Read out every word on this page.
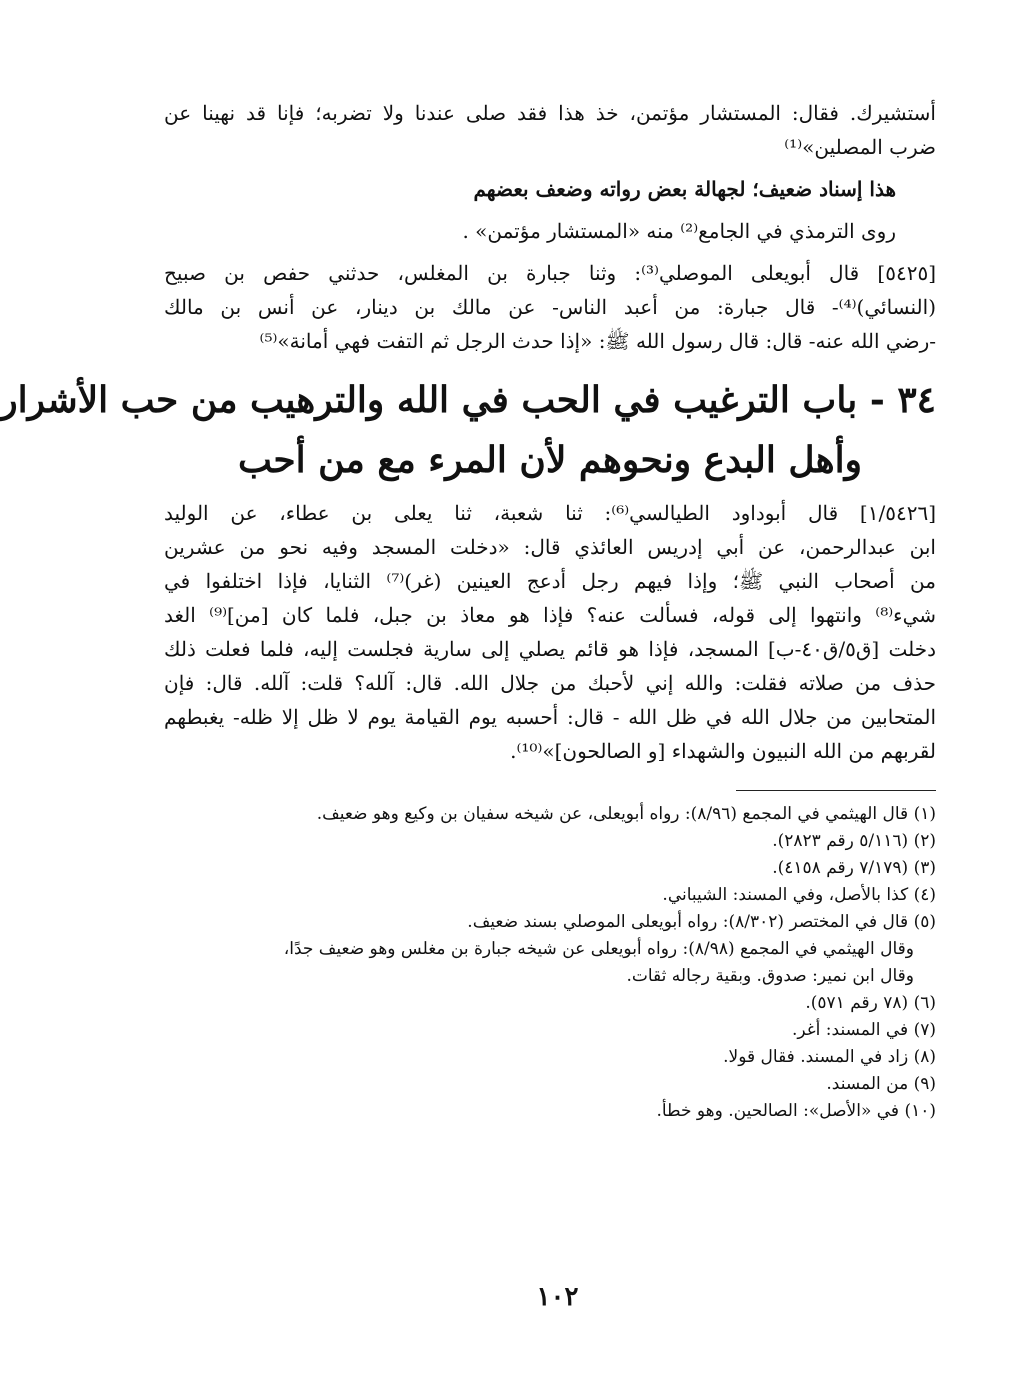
أستشيرك. فقال: المستشار مؤتمن، خذ هذا فقد صلى عندنا ولا تضربه؛ فإنا قد نهينا عن

ضرب المصلين»⁽¹⁾

هذا إسناد ضعيف؛ لجهالة بعض رواته وضعف بعضهم

روى الترمذي في الجامع⁽²⁾ منه «المستشار مؤتمن» .

[٥٤٢٥] قال أبويعلى الموصلي⁽³⁾: وثنا جبارة بن المغلس، حدثني حفص بن صبيح

(النسائي)⁽⁴⁾- قال جبارة: من أعبد الناس- عن مالك بن دينار، عن أنس بن مالك

-رضي الله عنه- قال: قال رسول الله ﷺ: «إذا حدث الرجل ثم التفت فهي أمانة»⁽⁵⁾

٣٤ - باب الترغيب في الحب في الله والترهيب من حب الأشرار
وأهل البدع ونحوهم لأن المرء مع من أحب

[١/٥٤٢٦] قال أبوداود الطيالسي⁽⁶⁾: ثنا شعبة، ثنا يعلى بن عطاء، عن الوليد

ابن عبدالرحمن، عن أبي إدريس العائذي قال: «دخلت المسجد وفيه نحو من عشرين

من أصحاب النبي ﷺ؛ وإذا فيهم رجل أدعج العينين (غر)⁽⁷⁾ الثنايا، فإذا اختلفوا في

شيء⁽⁸⁾ وانتهوا إلى قوله، فسألت عنه؟ فإذا هو معاذ بن جبل، فلما كان [من]⁽⁹⁾ الغد

دخلت [ق٥/ق٤٠-ب] المسجد، فإذا هو قائم يصلي إلى سارية فجلست إليه، فلما فعلت ذلك

حذف من صلاته فقلت: والله إني لأحبك من جلال الله. قال: آلله؟ قلت: آلله. قال: فإن

المتحابين من جلال الله في ظل الله - قال: أحسبه يوم القيامة يوم لا ظل إلا ظله- يغبطهم

لقربهم من الله النبيون والشهداء [و الصالحون]»⁽¹⁰⁾.

(١) قال الهيثمي في المجمع (٨/٩٦): رواه أبويعلى، عن شيخه سفيان بن وكيع وهو ضعيف.
(٢) (٥/١١٦ رقم ٢٨٢٣).
(٣) (٧/١٧٩ رقم ٤١٥٨).
(٤) كذا بالأصل، وفي المسند: الشيباني.
(٥) قال في المختصر (٨/٣٠٢): رواه أبويعلى الموصلي بسند ضعيف.
وقال الهيثمي في المجمع (٨/٩٨): رواه أبويعلى عن شيخه جبارة بن مغلس وهو ضعيف جدًا،
وقال ابن نمير: صدوق. وبقية رجاله ثقات.
(٦) (٧٨ رقم ٥٧١).
(٧) في المسند: أغر.
(٨) زاد في المسند. فقال قولا.
(٩) من المسند.
(١٠) في «الأصل»: الصالحين. وهو خطأ.
١٠٢
